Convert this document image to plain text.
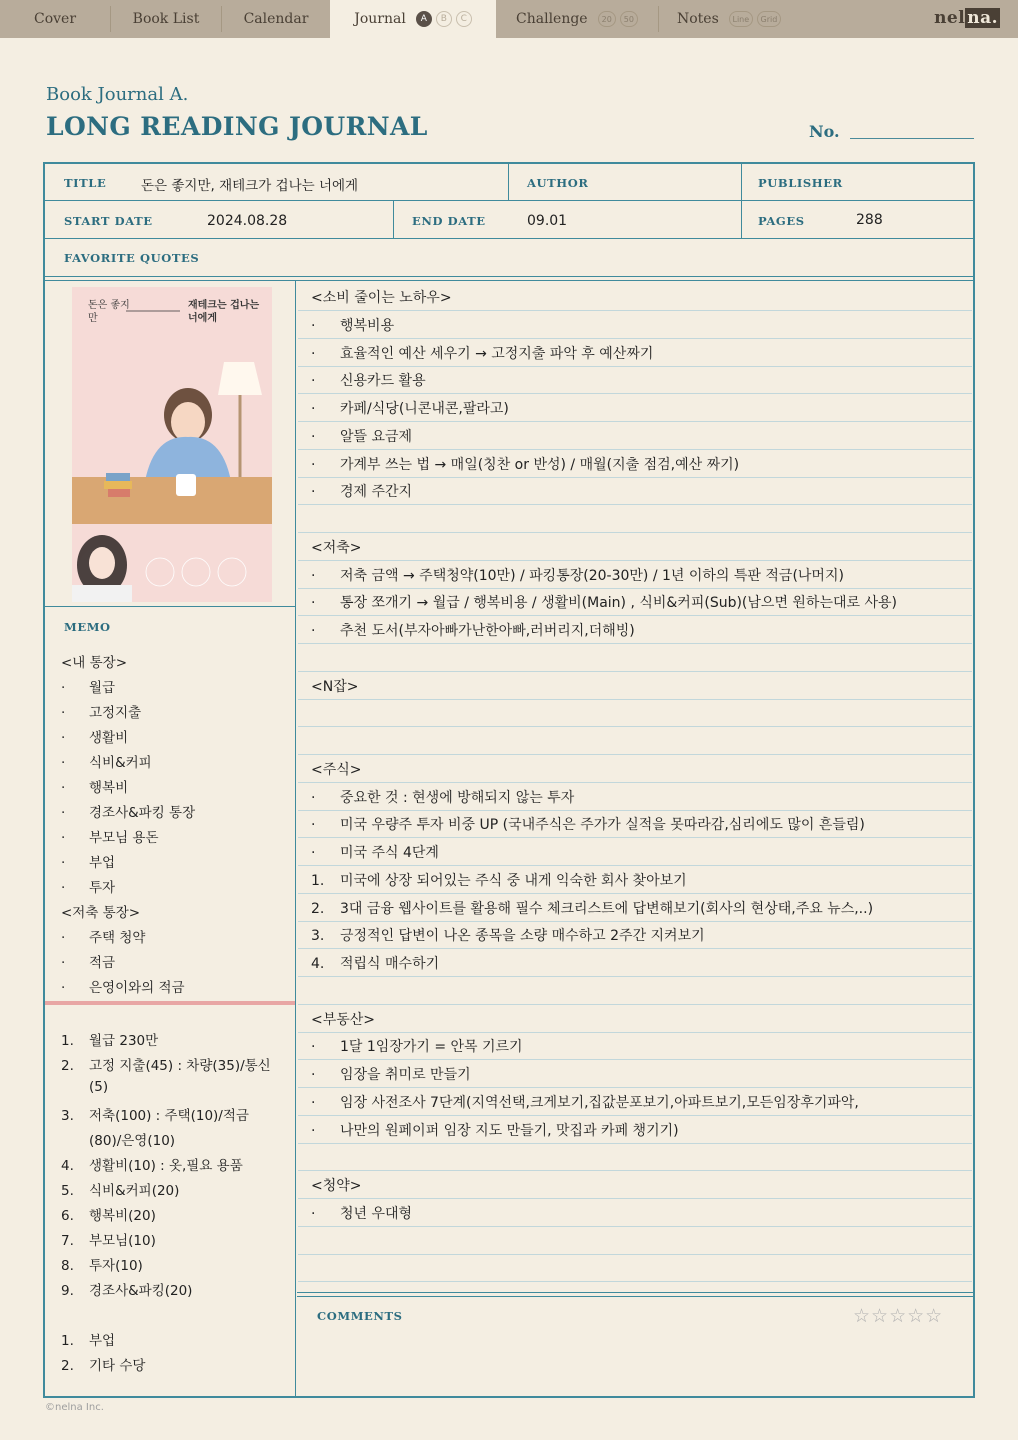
Cover	Book List	Calendar	Journal	A	B	C	Challenge	20	50	Notes	Line	Grid	nel na.
Book Journal A.
LONG READING JOURNAL	No.
TITLE	돈은 좋지만, 재테크가 겁나는 너에게	AUTHOR	PUBLISHER
START DATE	2024.08.28	END DATE	09.01	PAGES	288
FAVORITE QUOTES
돈은 좋지만
재테크는 겁나는 너에게
<소비 줄이는 노하우>
· 행복비용
· 효율적인 예산 세우기 → 고정지출 파악 후 예산짜기
· 신용카드 활용
· 카페/식당(니콘내콘,팔라고)
· 알뜰 요금제
· 가계부 쓰는 법 → 매일(칭찬 or 반성) / 매월(지출 점검,예산 짜기)
· 경제 주간지
<저축>
· 저축 금액 → 주택청약(10만) / 파킹통장(20-30만) / 1년 이하의 특판 적금(나머지)
· 통장 쪼개기 → 월급 / 행복비용 / 생활비(Main) , 식비&커피(Sub)(남으면 원하는대로 사용)
· 추천 도서(부자아빠가난한아빠,러버리지,더해빙)
<N잡>
<주식>
· 중요한 것 : 현생에 방해되지 않는 투자
· 미국 우량주 투자 비중 UP (국내주식은 주가가 실적을 못따라감,심리에도 많이 흔들림)
· 미국 주식 4단계
1. 미국에 상장 되어있는 주식 중 내게 익숙한 회사 찾아보기
2. 3대 금융 웹사이트를 활용해 필수 체크리스트에 답변해보기(회사의 현상태,주요 뉴스,..)
3. 긍정적인 답변이 나온 종목을 소량 매수하고 2주간 지켜보기
4. 적립식 매수하기
<부동산>
· 1달 1임장가기 = 안목 기르기
· 임장을 취미로 만들기
· 임장 사전조사 7단계(지역선택,크게보기,집값분포보기,아파트보기,모든임장후기파악,
· 나만의 원페이퍼 임장 지도 만들기, 맛집과 카페 챙기기)
<청약>
· 청년 우대형
MEMO
<내 통장>
· 월급
· 고정지출
· 생활비
· 식비&커피
· 행복비
· 경조사&파킹 통장
· 부모님 용돈
· 부업
· 투자
<저축 통장>
· 주택 청약
· 적금
· 은영이와의 적금
1. 월급 230만
2. 고정 지출(45) : 차량(35)/통신
(5)
3. 저축(100) : 주택(10)/적금
(80)/은영(10)
4. 생활비(10) : 옷,필요 용품
5. 식비&커피(20)
6. 행복비(20)
7. 부모님(10)
8. 투자(10)
9. 경조사&파킹(20)
1. 부업
2. 기타 수당
COMMENTS	☆☆☆☆☆
©nelna Inc.
